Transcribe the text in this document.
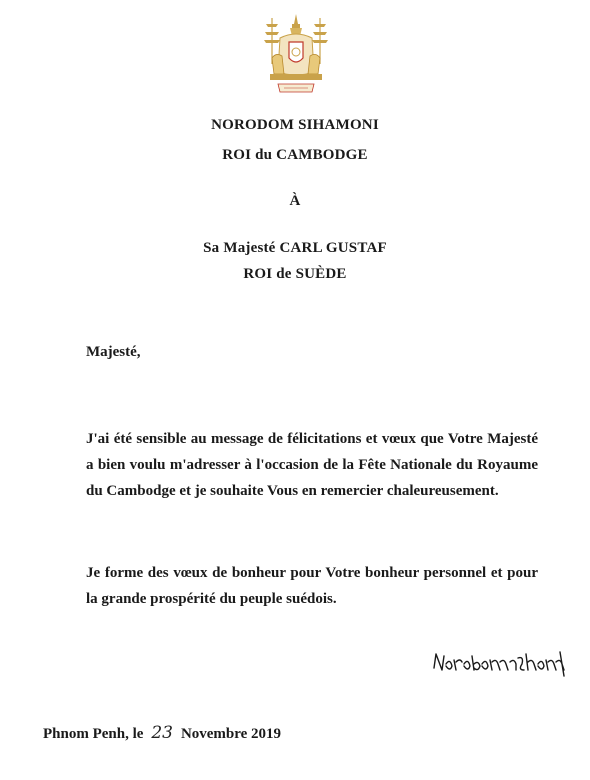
NORODOM SIHAMONI
ROI du CAMBODGE
À
Sa Majesté CARL GUSTAF
ROI de SUÈDE
Majesté,
J'ai été sensible au message de félicitations et vœux que Votre Majesté a bien voulu m'adresser à l'occasion de la Fête Nationale du Royaume du Cambodge et je souhaite Vous en remercier chaleureusement.
Je forme des vœux de bonheur pour Votre bonheur personnel et pour la grande prospérité du peuple suédois.
Phnom Penh, le 23 Novembre 2019
